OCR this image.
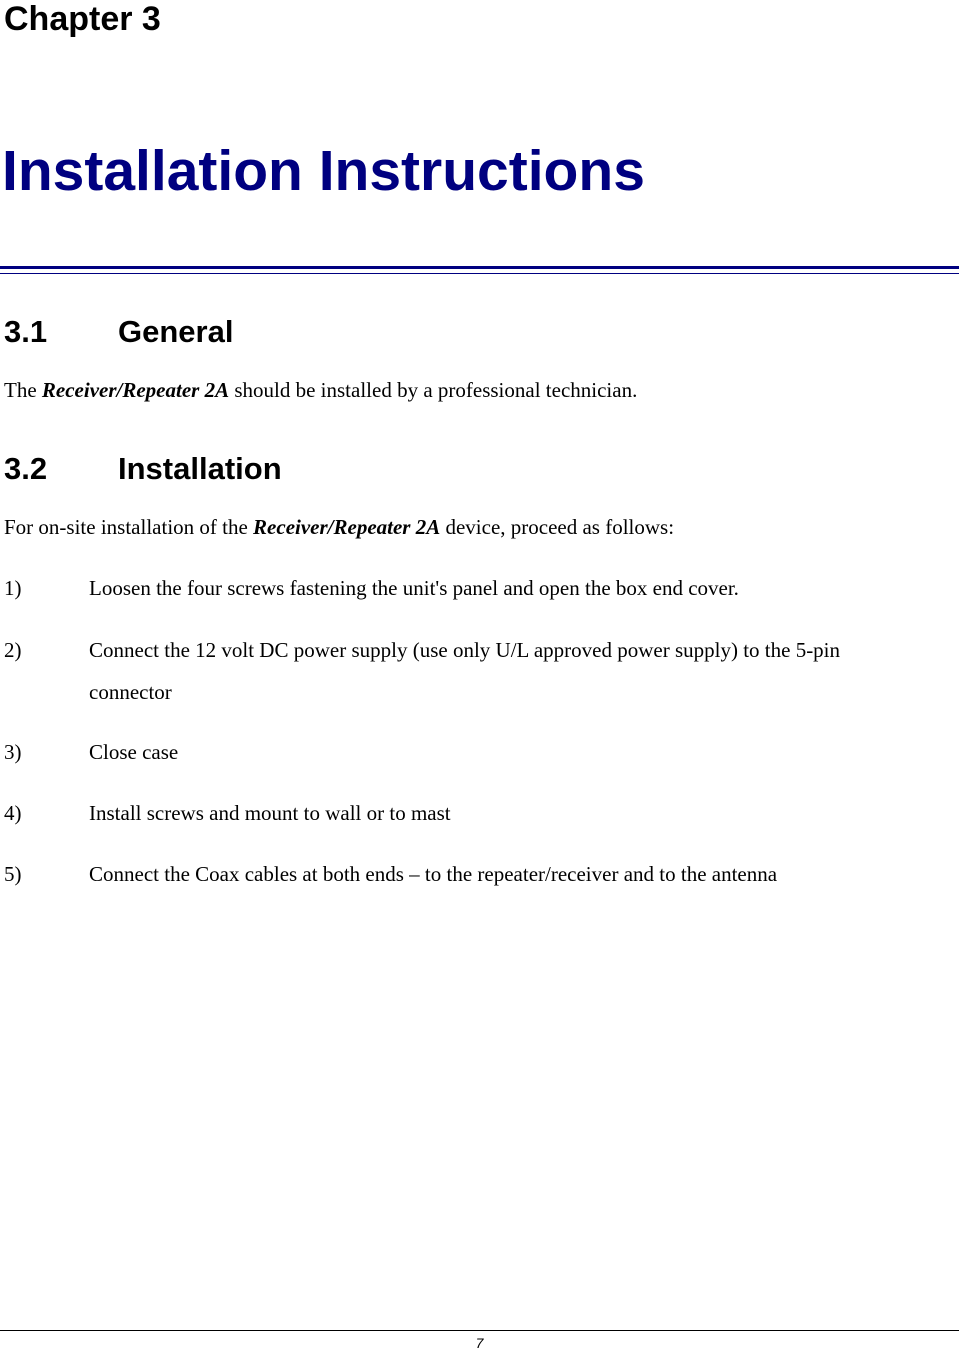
Chapter 3
Installation Instructions
3.1 General

The Receiver/Repeater 2A should be installed by a professional technician.

3.2 Installation

For on-site installation of the Receiver/Repeater 2A device, proceed as follows:

1)	Loosen the four screws fastening the unit's panel and open the box end cover.
2)	Connect the 12 volt DC power supply (use only U/L approved power supply) to the 5-pin connector
3)	Close case
4)	Install screws and mount to wall or to mast
5)	Connect the Coax cables at both ends – to the repeater/receiver and to the antenna
7
